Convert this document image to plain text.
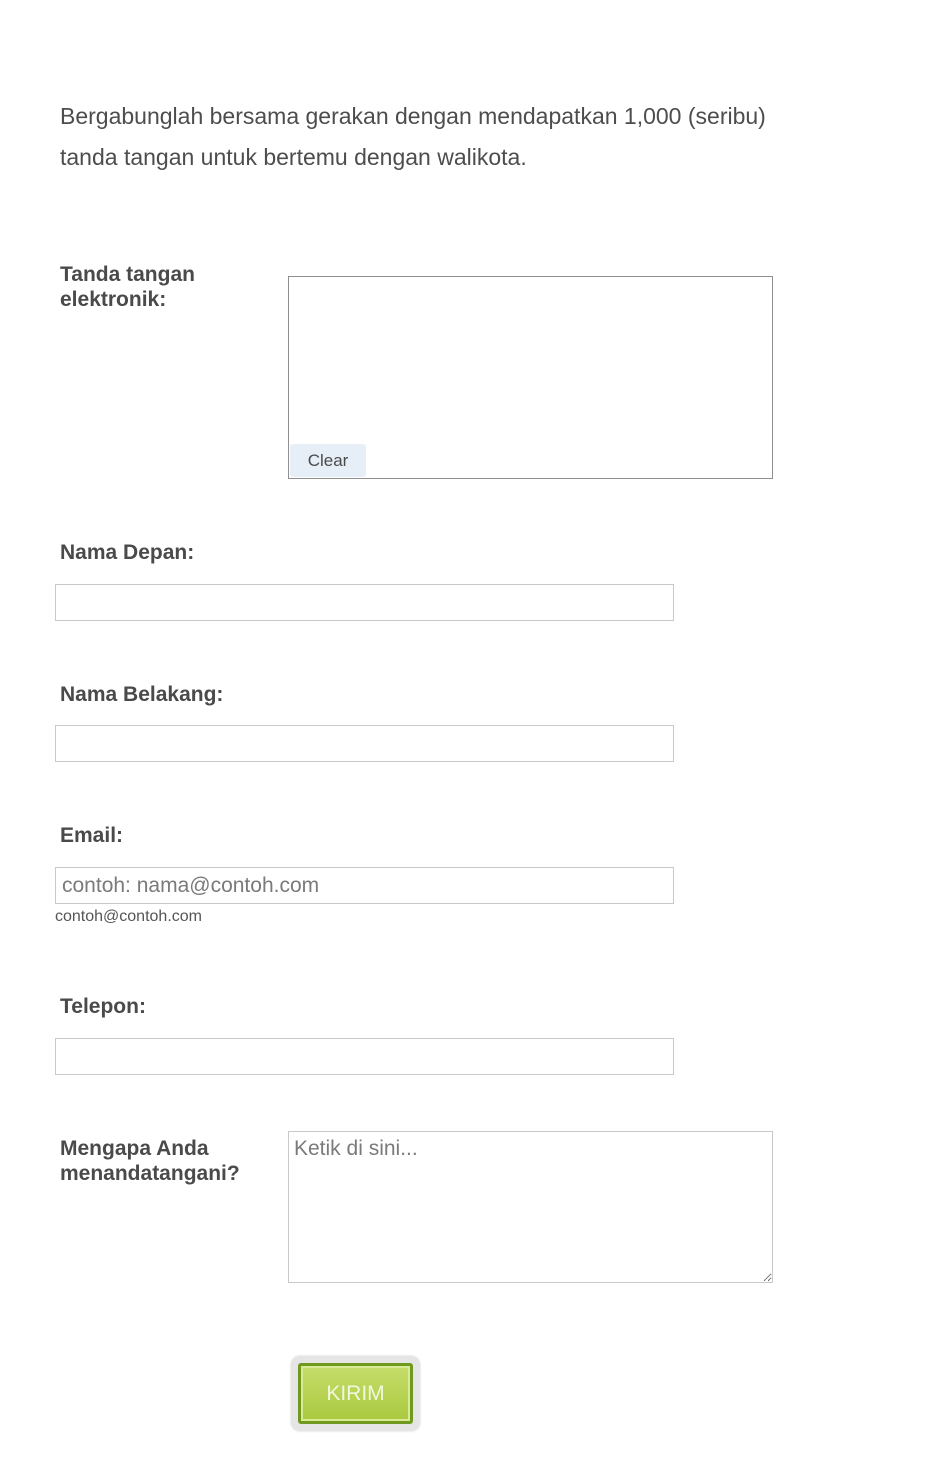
Bergabunglah bersama gerakan dengan mendapatkan 1,000 (seribu)
tanda tangan untuk bertemu dengan walikota.
Tanda tangan
elektronik:
Clear
Nama Depan:
Nama Belakang:
Email:
contoh: nama@contoh.com
contoh@contoh.com
Telepon:
Mengapa Anda
menandatangani?
Ketik di sini...
KIRIM
